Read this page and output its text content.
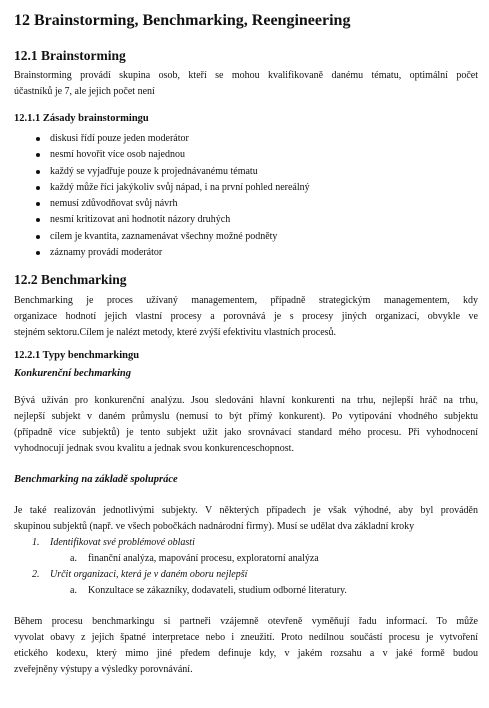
12 Brainstorming, Benchmarking, Reengineering
12.1 Brainstorming
Brainstorming provádí skupina osob, kteří se mohou kvalifikovaně danému tématu, optimální počet
účastníků je 7, ale jejich počet není
12.1.1 Zásady brainstormingu
diskusi řídí pouze jeden moderátor
nesmí hovořit více osob najednou
každý se vyjadřuje pouze k projednávanému tématu
každý může říci jakýkoliv svůj nápad, i na první pohled nereálný
nemusí zdůvodňovat svůj návrh
nesmí kritizovat ani hodnotit názory druhých
cílem je kvantita, zaznamenávat všechny možné podněty
záznamy provádí moderátor
12.2 Benchmarking
Benchmarking je proces užívaný managementem, případně strategickým managementem, kdy
organizace hodnotí jejich vlastní procesy a porovnává je s procesy jiných organizací, obvykle ve
stejném sektoru.Cílem je nalézt metody, které zvýší efektivitu vlastních procesů.
12.2.1 Typy benchmarkingu
Konkurenční bechmarking
Bývá užíván pro konkurenční analýzu. Jsou sledováni hlavní konkurenti na trhu, nejlepší hráč na trhu,
nejlepší subjekt v daném průmyslu (nemusí to být přímý konkurent). Po vytipování vhodného subjektu
(případně více subjektů) je tento subjekt užit jako srovnávací standard mého procesu. Při vyhodnocení
vyhodnocují jednak svou kvalitu a jednak svou konkurenceschopnost.
Benchmarking na základě spolupráce
Je také realizován jednotlivými subjekty. V některých případech je však výhodné, aby byl prováděn
skupinou subjektů (např. ve všech pobočkách nadnárodní firmy). Musí se udělat dva základní kroky
1. Identifikovat své problémové oblasti
a. finanční analýza, mapování procesu, exploratorní analýza
2. Určit organizaci, která je v daném oboru nejlepší
a. Konzultace se zákazníky, dodavateli, studium odborné literatury.
Během procesu benchmarkingu si partneři vzájemně otevřeně vyměňují řadu informací. To může
vyvolat obavy z jejich špatné interpretace nebo i zneužití. Proto nedílnou součástí procesu je vytvoření
etického kodexu, který mimo jiné předem definuje kdy, v jakém rozsahu a v jaké formě budou
zveřejněny výstupy a výsledky porovnávání.
